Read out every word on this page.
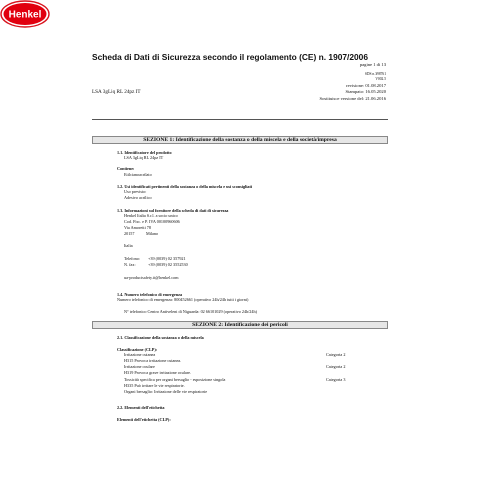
Henkel
Scheda di Dati di Sicurezza secondo il regolamento (CE) n. 1907/2006
pagine 1 di 13
SDS n. :
398761
V002.5
revisione: 01.08.2017
Stampato: 16.05.2020
Sostituisce versione del: 21.06.2016
LSA 3gLiq RL 24pz IT
SEZIONE 1: Identificazione della sostanza o della miscela e della società/impresa
1.1. Identificatore del prodotto
LSA 3gLiq RL 24pz IT
Contiene:
Etilcianoacrilato
1.2. Usi identificati pertinenti della sostanza o della miscela e usi sconsigliati
Uso previsto:
Adesivo acrilico
1.3. Informazioni sul fornitore della scheda di dati di sicurezza
Henkel Italia S.r.l. a socio unico
Cod. Fisc. e P. IVA 00100960606
Via Amoretti 78
20157	Milano
Italia
Telefono: +39 (0039) 02 357921
N. fax:	+39 (0039) 02 3552530
ua-productsafety.it@henkel.com
1.4. Numero telefonico di emergenza
Numero telefonico di emergenza: 800452661 (operativo 24h/24h tutti i giorni)
N° telefonico Centro Antiveleni di Niguarda: 02 66101029 (operativo 24h/24h)
SEZIONE 2: Identificazione dei pericoli
2.1. Classificazione della sostanza o della miscela
Classificazione (CLP):
Irritazione cutanea	Categoria 2
H315 Provoca irritazione cutanea.
Irritazione oculare	Categoria 2
H319 Provoca grave irritazione oculare.
Tossicità specifica per organi bersaglio - esposizione singola	Categoria 3
H335 Può irritare le vie respiratorie.
Organi bersaglio: Irritazione delle vie respiratorie
2.2. Elementi dell'etichetta
Elementi dell'etichetta (CLP):
